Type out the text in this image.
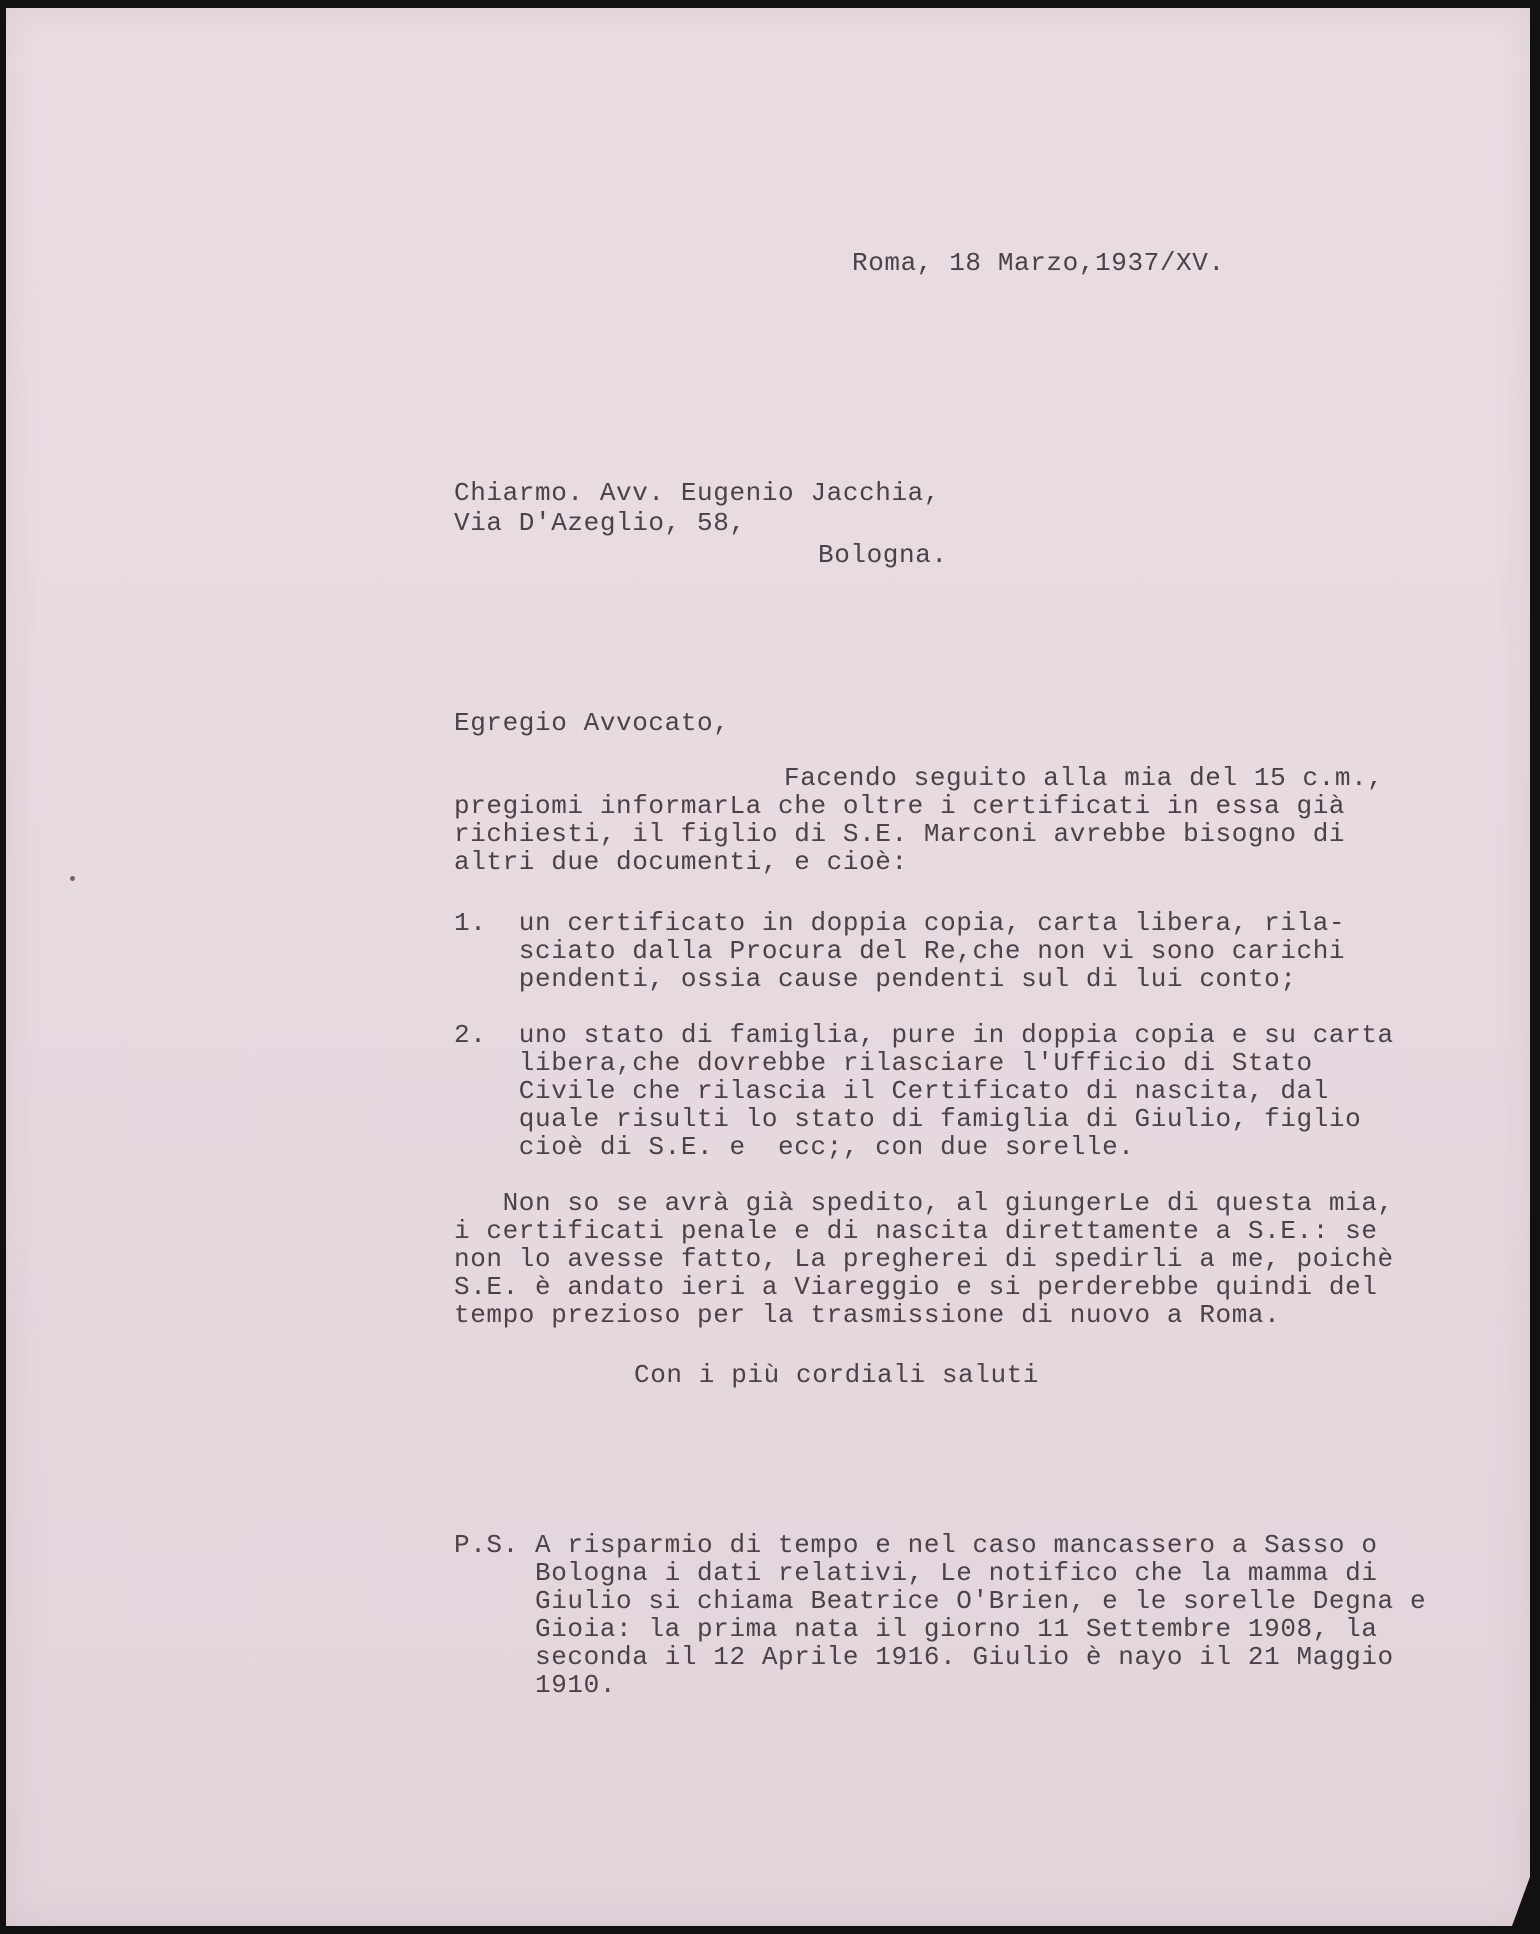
Roma, 18 Marzo,1937/XV.
Chiarmo. Avv. Eugenio Jacchia,
Via D'Azeglio, 58,
Bologna.
Egregio Avvocato,
Facendo seguito alla mia del 15 c.m.,
pregiomi informarLa che oltre i certificati in essa già
richiesti, il figlio di S.E. Marconi avrebbe bisogno di
altri due documenti, e cioè:
1.  un certificato in doppia copia, carta libera, rila-
sciato dalla Procura del Re,che non vi sono carichi
pendenti, ossia cause pendenti sul di lui conto;
2.  uno stato di famiglia, pure in doppia copia e su carta
libera,che dovrebbe rilasciare l'Ufficio di Stato
Civile che rilascia il Certificato di nascita, dal
quale risulti lo stato di famiglia di Giulio, figlio
cioè di S.E. e  ecc;, con due sorelle.
Non so se avrà già spedito, al giungerLe di questa mia,
i certificati penale e di nascita direttamente a S.E.: se
non lo avesse fatto, La pregherei di spedirli a me, poichè
S.E. è andato ieri a Viareggio e si perderebbe quindi del
tempo prezioso per la trasmissione di nuovo a Roma.
Con i più cordiali saluti
P.S. A risparmio di tempo e nel caso mancassero a Sasso o
Bologna i dati relativi, Le notifico che la mamma di
Giulio si chiama Beatrice O'Brien, e le sorelle Degna e
Gioia: la prima nata il giorno 11 Settembre 1908, la
seconda il 12 Aprile 1916. Giulio è nayo il 21 Maggio
1910.
